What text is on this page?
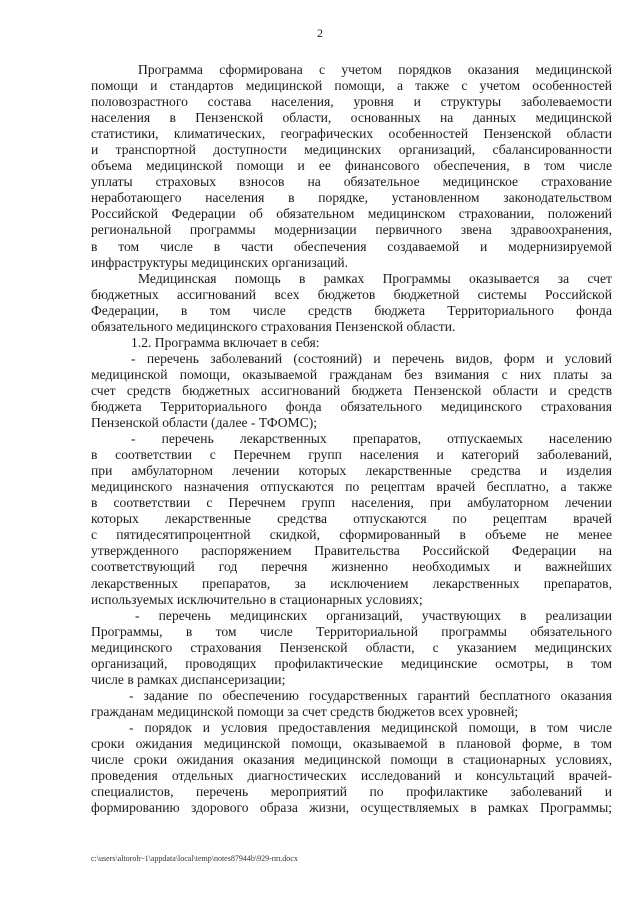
2
Программа сформирована с учетом порядков оказания медицинской
помощи и стандартов медицинской помощи, а также с учетом особенностей
половозрастного состава населения, уровня и структуры заболеваемости
населения в Пензенской области, основанных на данных медицинской
статистики, климатических, географических особенностей Пензенской области
и транспортной доступности медицинских организаций, сбалансированности
объема медицинской помощи и ее финансового обеспечения, в том числе
уплаты страховых взносов на обязательное медицинское страхование
неработающего населения в порядке, установленном законодательством
Российской Федерации об обязательном медицинском страховании, положений
региональной программы модернизации первичного звена здравоохранения,
в том числе в части обеспечения создаваемой и модернизируемой
инфраструктуры медицинских организаций.
Медицинская помощь в рамках Программы оказывается за счет
бюджетных ассигнований всех бюджетов бюджетной системы Российской
Федерации, в том числе средств бюджета Территориального фонда
обязательного медицинского страхования Пензенской области.
1.2. Программа включает в себя:
- перечень заболеваний (состояний) и перечень видов, форм и условий
медицинской помощи, оказываемой гражданам без взимания с них платы за
счет средств бюджетных ассигнований бюджета Пензенской области и средств
бюджета Территориального фонда обязательного медицинского страхования
Пензенской области (далее - ТФОМС);
- перечень лекарственных препаратов, отпускаемых населению
в соответствии с Перечнем групп населения и категорий заболеваний,
при амбулаторном лечении которых лекарственные средства и изделия
медицинского назначения отпускаются по рецептам врачей бесплатно, а также
в соответствии с Перечнем групп населения, при амбулаторном лечении
которых лекарственные средства отпускаются по рецептам врачей
с пятидесятипроцентной скидкой, сформированный в объеме не менее
утвержденного распоряжением Правительства Российской Федерации на
соответствующий год перечня жизненно необходимых и важнейших
лекарственных препаратов, за исключением лекарственных препаратов,
используемых исключительно в стационарных условиях;
- перечень медицинских организаций, участвующих в реализации
Программы, в том числе Территориальной программы обязательного
медицинского страхования Пензенской области, с указанием медицинских
организаций, проводящих профилактические медицинские осмотры, в том
числе в рамках диспансеризации;
- задание по обеспечению государственных гарантий бесплатного оказания
гражданам медицинской помощи за счет средств бюджетов всех уровней;
- порядок и условия предоставления медицинской помощи, в том числе
сроки ожидания медицинской помощи, оказываемой в плановой форме, в том
числе сроки ожидания оказания медицинской помощи в стационарных условиях,
проведения отдельных диагностических исследований и консультаций врачей-
специалистов, перечень мероприятий по профилактике заболеваний и
формированию здорового образа жизни, осуществляемых в рамках Программы;
c:\users\altoroh~1\appdata\local\temp\notes87944b\929-пп.docx
